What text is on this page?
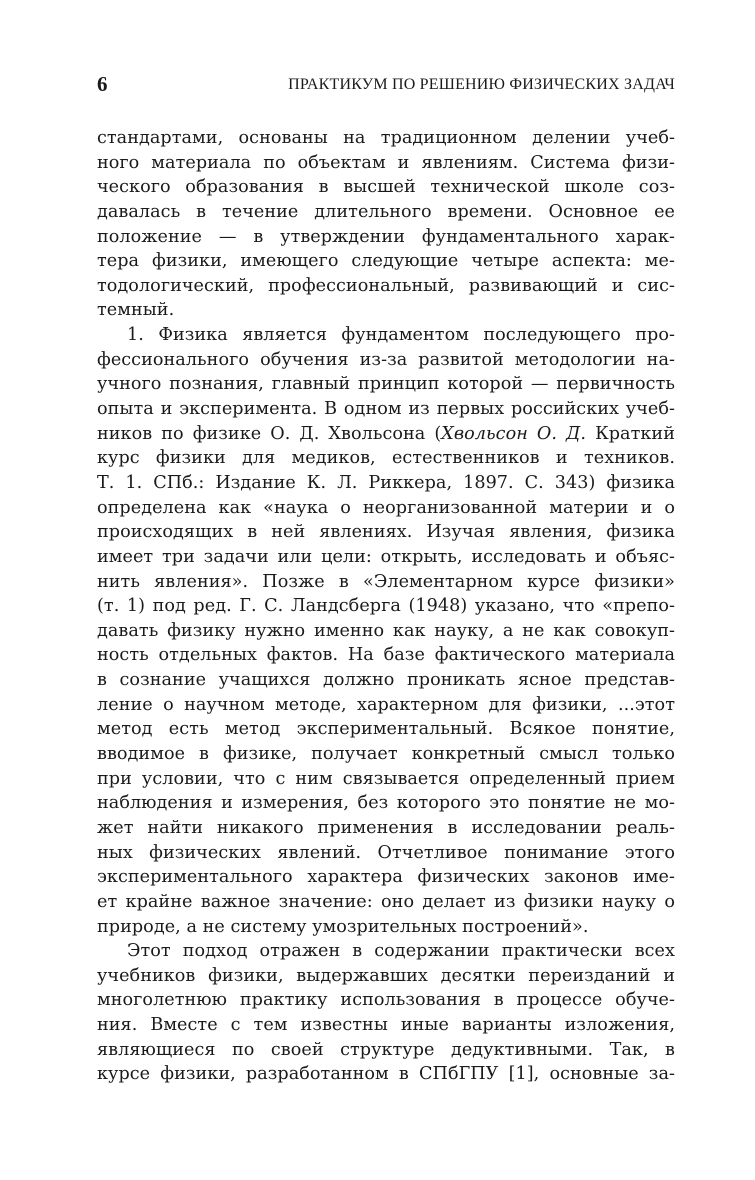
6	ПРАКТИКУМ ПО РЕШЕНИЮ ФИЗИЧЕСКИХ ЗАДАЧ
стандартами, основаны на традиционном делении учеб-
ного материала по объектам и явлениям. Система физи-
ческого образования в высшей технической школе соз-
давалась в течение длительного времени. Основное ее
положение — в утверждении фундаментального харак-
тера физики, имеющего следующие четыре аспекта: ме-
тодологический, профессиональный, развивающий и сис-
темный.
1. Физика является фундаментом последующего про-
фессионального обучения из-за развитой методологии на-
учного познания, главный принцип которой — первичность
опыта и эксперимента. В одном из первых российских учеб-
ников по физике О. Д. Хвольсона (Хвольсон О. Д. Краткий
курс физики для медиков, естественников и техников.
Т. 1. СПб.: Издание К. Л. Риккера, 1897. С. 343) физика
определена как «наука о неорганизованной материи и о
происходящих в ней явлениях. Изучая явления, физика
имеет три задачи или цели: открыть, исследовать и объяс-
нить явления». Позже в «Элементарном курсе физики»
(т. 1) под ред. Г. С. Ландсберга (1948) указано, что «препо-
давать физику нужно именно как науку, а не как совокуп-
ность отдельных фактов. На базе фактического материала
в сознание учащихся должно проникать ясное представ-
ление о научном методе, характерном для физики, ...этот
метод есть метод экспериментальный. Всякое понятие,
вводимое в физике, получает конкретный смысл только
при условии, что с ним связывается определенный прием
наблюдения и измерения, без которого это понятие не мо-
жет найти никакого применения в исследовании реаль-
ных физических явлений. Отчетливое понимание этого
экспериментального характера физических законов име-
ет крайне важное значение: оно делает из физики науку о
природе, а не систему умозрительных построений».
Этот подход отражен в содержании практически всех
учебников физики, выдержавших десятки переизданий и
многолетнюю практику использования в процессе обуче-
ния. Вместе с тем известны иные варианты изложения,
являющиеся по своей структуре дедуктивными. Так, в
курсе физики, разработанном в СПбГПУ [1], основные за-
